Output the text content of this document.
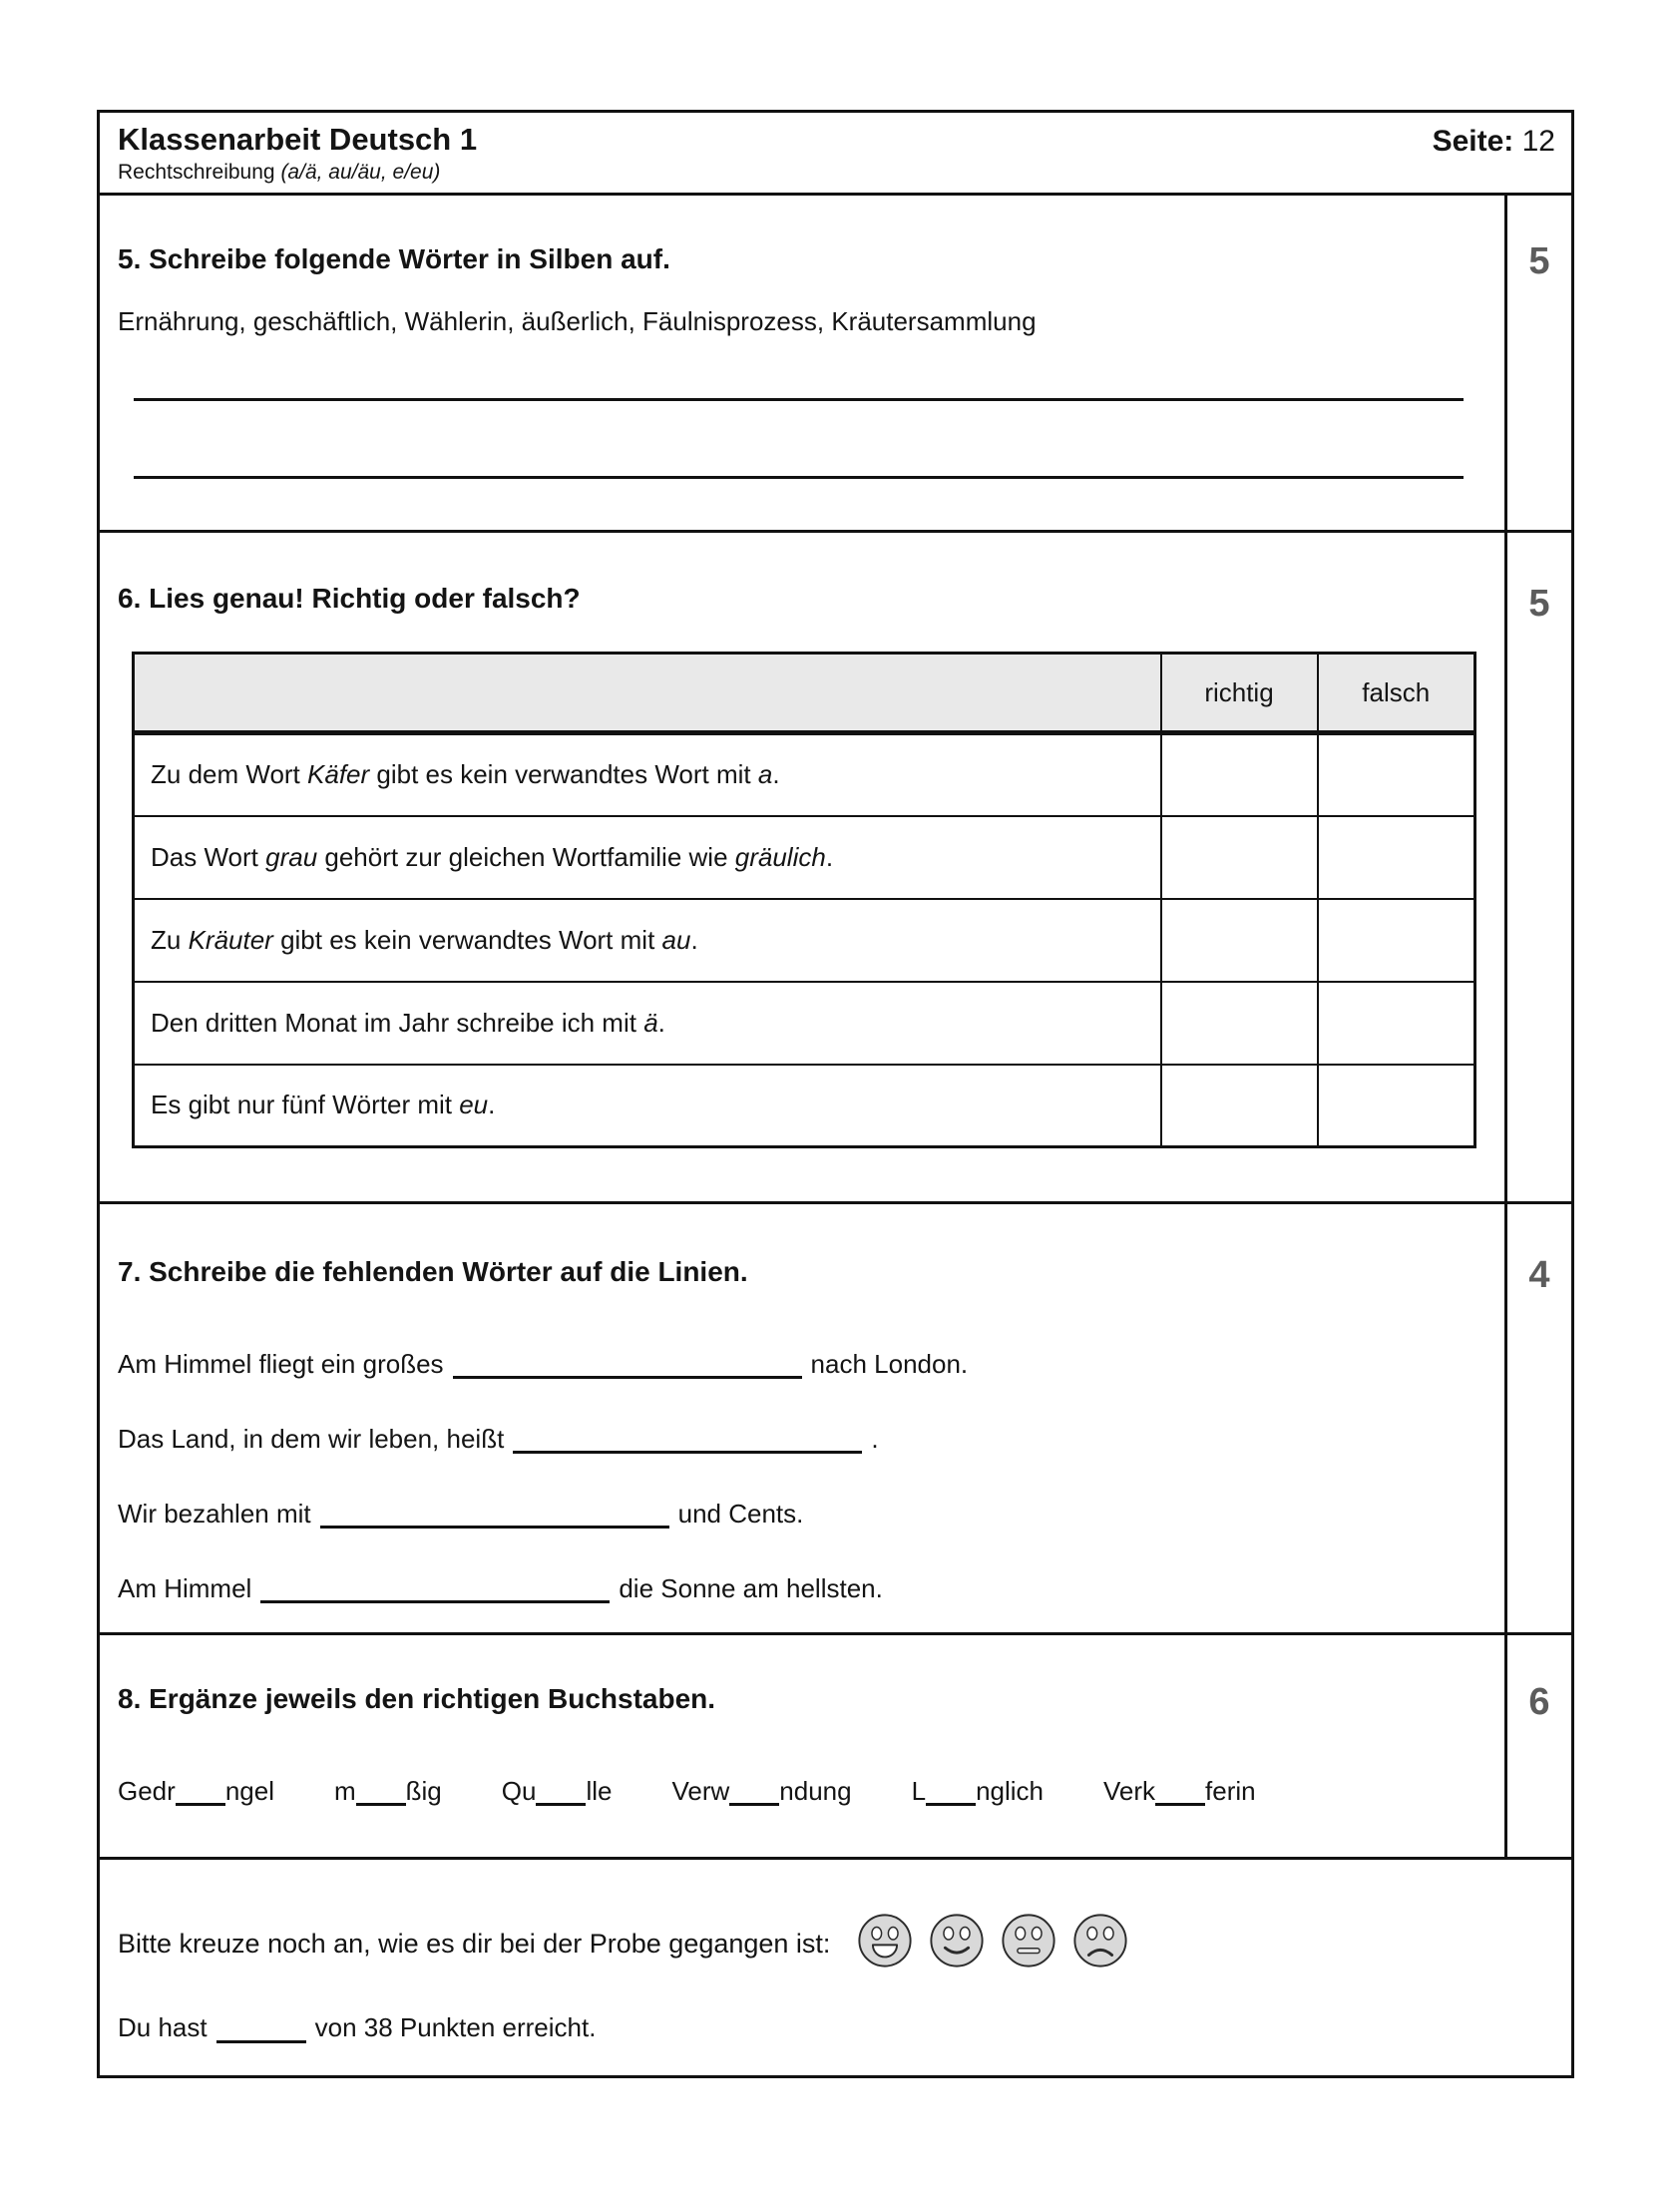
Klassenarbeit Deutsch 1
Rechtschreibung (a/ä, au/äu, e/eu)
Seite: 12
5. Schreibe folgende Wörter in Silben auf.
Ernährung, geschäftlich, Wählerin, äußerlich, Fäulnisprozess, Kräutersammlung
5
6. Lies genau! Richtig oder falsch?
	richtig	falsch
Zu dem Wort Käfer gibt es kein verwandtes Wort mit a.		
Das Wort grau gehört zur gleichen Wortfamilie wie gräulich.		
Zu Kräuter gibt es kein verwandtes Wort mit au.		
Den dritten Monat im Jahr schreibe ich mit ä.		
Es gibt nur fünf Wörter mit eu.		
5
7. Schreibe die fehlenden Wörter auf die Linien.
Am Himmel fliegt ein großes	nach London.
Das Land, in dem wir leben, heißt	.
Wir bezahlen mit	und Cents.
Am Himmel	die Sonne am hellsten.
4
8. Ergänze jeweils den richtigen Buchstaben.
Gedr ngel m ßig Qu lle Verw ndung L nglich Verk ferin
6
Bitte kreuze noch an, wie es dir bei der Probe gegangen ist:
Du hast	von 38 Punkten erreicht.
